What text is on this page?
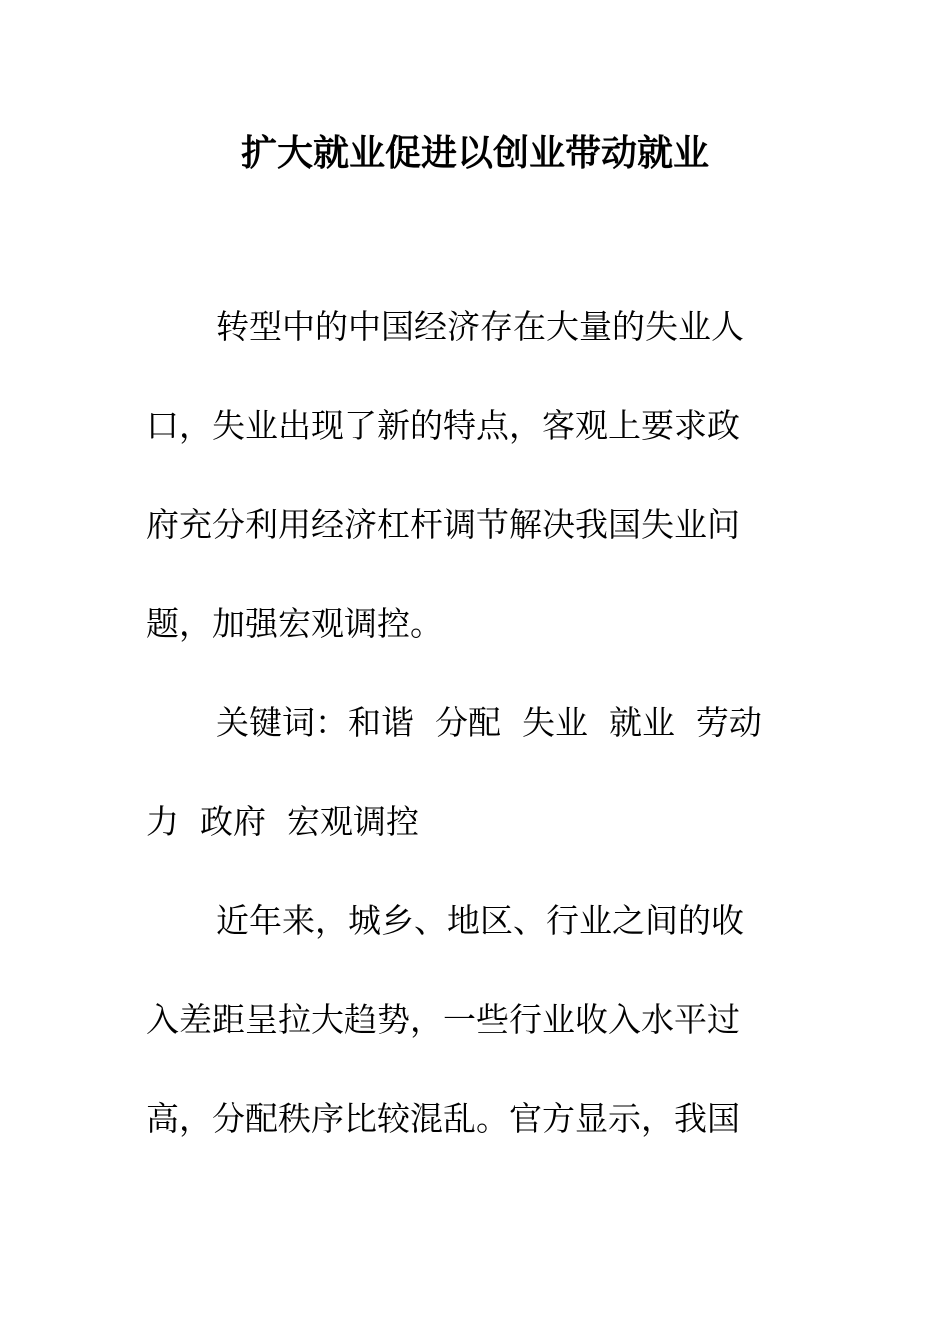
扩大就业促进以创业带动就业
转型中的中国经济存在大量的失业人
口，失业出现了新的特点，客观上要求政
府充分利用经济杠杆调节解决我国失业问
题，加强宏观调控。
关键词：和谐  分配  失业  就业  劳动
力  政府  宏观调控
近年来，城乡、地区、行业之间的收
入差距呈拉大趋势，一些行业收入水平过
高，分配秩序比较混乱。官方显示，我国
